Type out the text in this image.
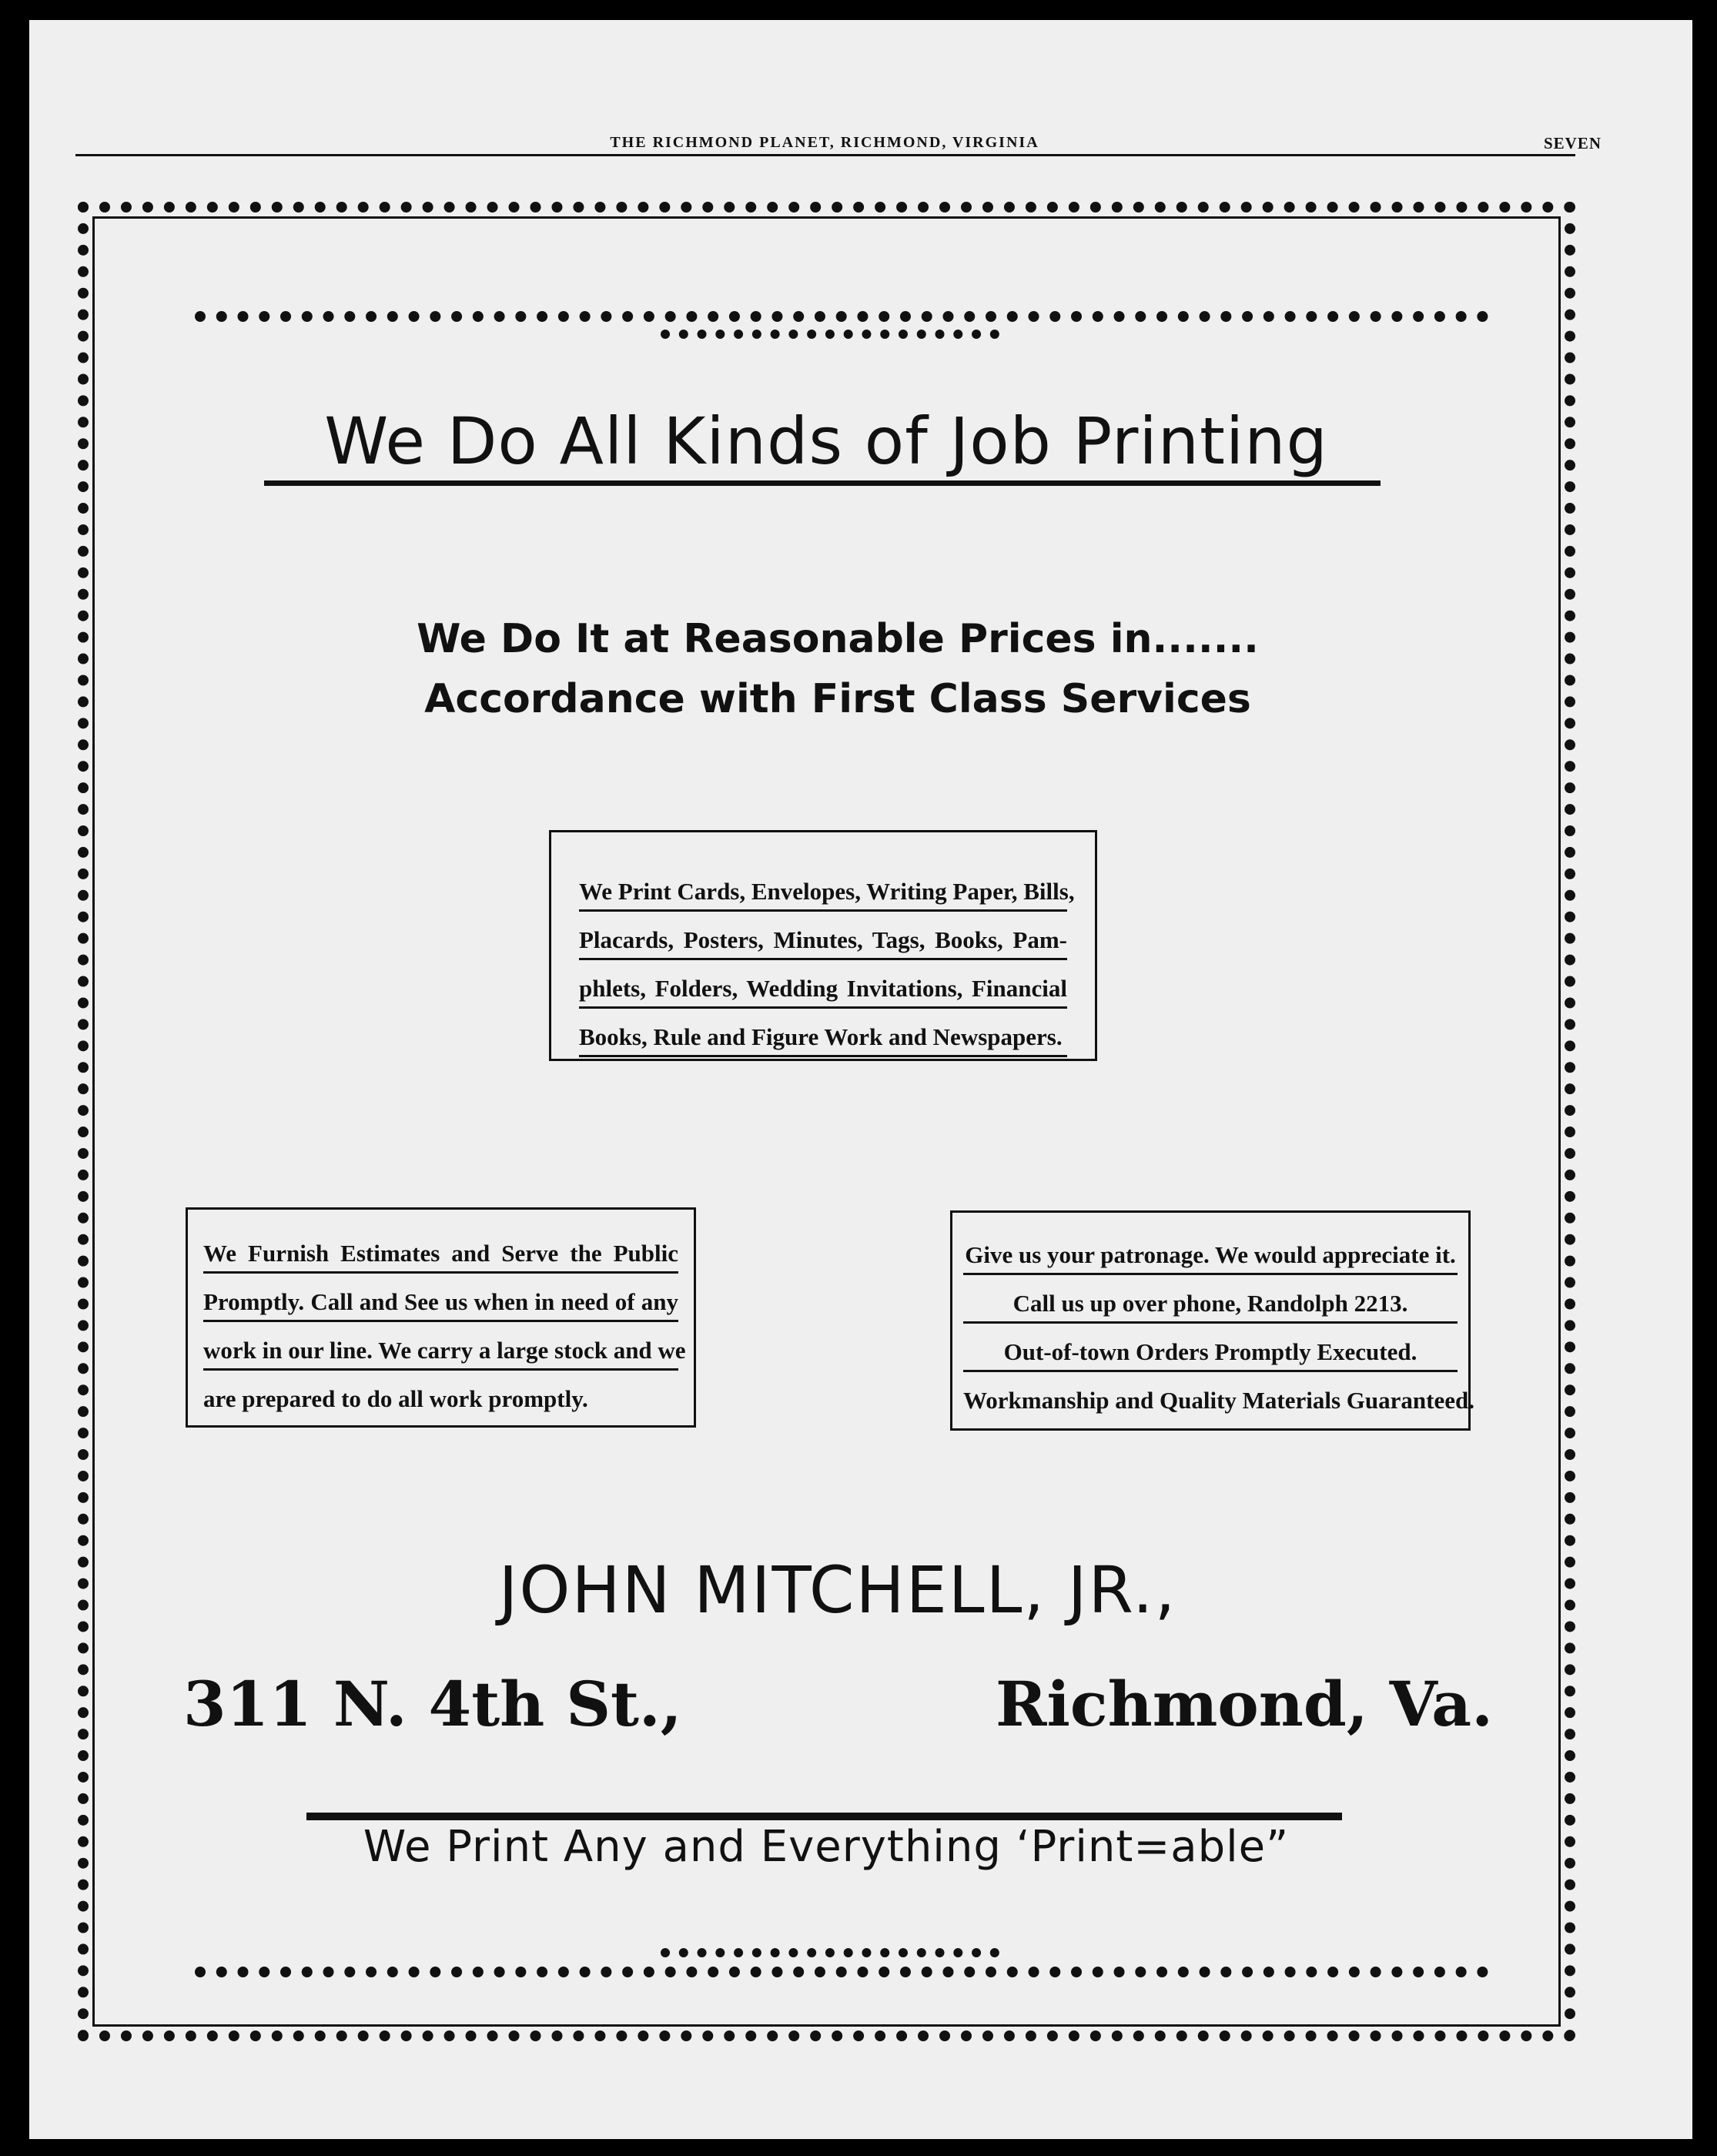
THE RICHMOND PLANET, RICHMOND, VIRGINIA	SEVEN
We Do All Kinds of Job Printing
We Do It at Reasonable Prices in.......
Accordance with First Class Services
We Print Cards, Envelopes, Writing Paper, Bills,
Placards, Posters, Minutes, Tags, Books, Pam-
phlets, Folders, Wedding Invitations, Financial
Books, Rule and Figure Work and Newspapers.
We Furnish Estimates and Serve the Public
Promptly. Call and See us when in need of any
work in our line. We carry a large stock and we
are prepared to do all work promptly.
Give us your patronage. We would appreciate it.
Call us up over phone, Randolph 2213.
Out-of-town Orders Promptly Executed.
Workmanship and Quality Materials Guaranteed.
JOHN MITCHELL, JR.,
311 N. 4th St.,	Richmond, Va.
We Print Any and Everything ‘Print=able”
